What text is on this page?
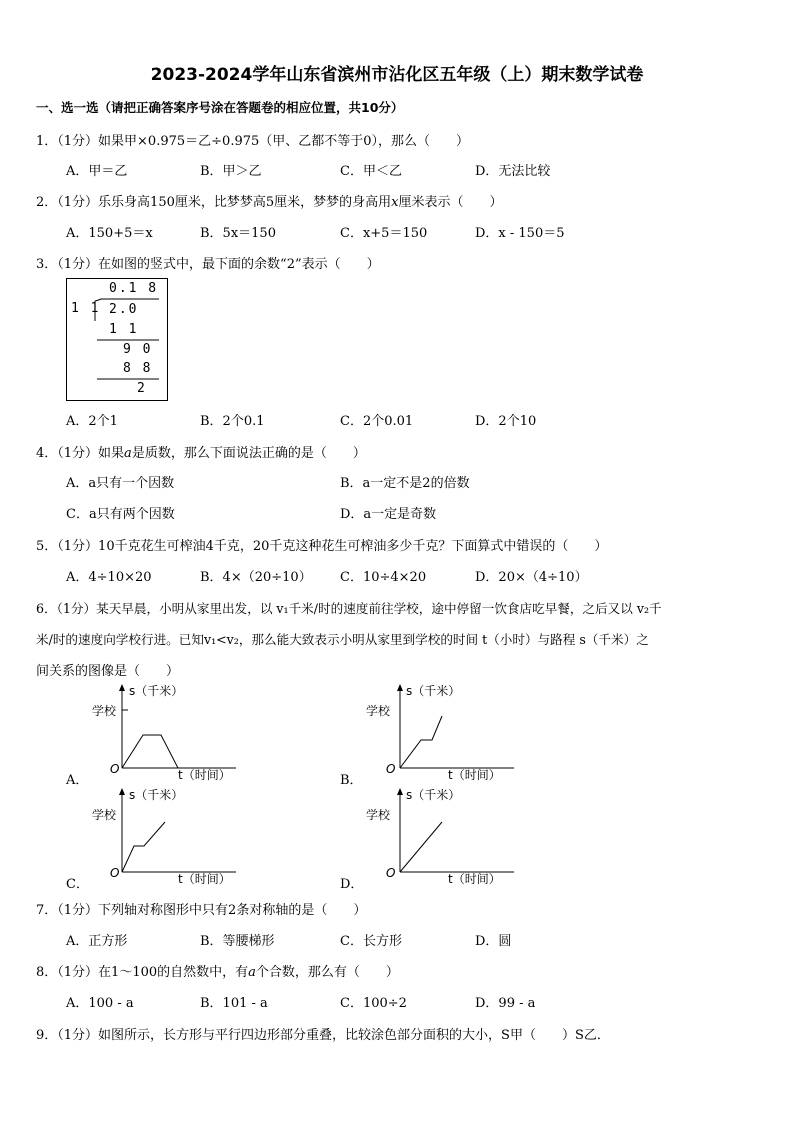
2023-2024学年山东省滨州市沾化区五年级（上）期末数学试卷
一、选一选（请把正确答案序号涂在答题卷的相应位置，共10分）
1．（1分）如果甲×0.975＝乙÷0.975（甲、乙都不等于0），那么（　　）
A．甲＝乙	B．甲＞乙	C．甲＜乙	D．无法比较
2．（1分）乐乐身高150厘米，比梦梦高5厘米，梦梦的身高用x厘米表示（　　）
A．150+5＝x	B．5x＝150	C．x+5＝150	D．x - 150＝5
3．（1分）在如图的竖式中，最下面的余数“2”表示（　　）
0.1 8
1 1 2.0
1 1
9 0
8 8
2
A．2个1	B．2个0.1	C．2个0.01	D．2个10
4．（1分）如果a是质数，那么下面说法正确的是（　　）
A．a只有一个因数	B．a一定不是2的倍数
C．a只有两个因数	D．a一定是奇数
5．（1分）10千克花生可榨油4千克，20千克这种花生可榨油多少千克？下面算式中错误的（　　）
A．4÷10×20	B．4×（20÷10） C．10÷4×20	D．20×（4÷10）
6．（1分）某天早晨，小明从家里出发，以 v₁千米/时的速度前往学校，途中停留一饮食店吃早餐，之后又以 v₂千
米/时的速度向学校行进。已知v₁<v₂，那么能大致表示小明从家里到学校的时间 t（小时）与路程 s（千米）之
间关系的图像是（　　）
A．
s（千米）
学校
O	t（时间）	B．
s（千米）
学校
O	t（时间）
C．
s（千米）
学校
O	t（时间）	D．
s（千米）
学校
O	t（时间）
7．（1分）下列轴对称图形中只有2条对称轴的是（　　）
A．正方形	B．等腰梯形	C．长方形	D．圆
8．（1分）在1～100的自然数中，有a个合数，那么有（　　）
A．100 - a	B．101 - a	C．100÷2	D．99 - a
9．（1分）如图所示，长方形与平行四边形部分重叠，比较涂色部分面积的大小，S甲（　　）S乙．
